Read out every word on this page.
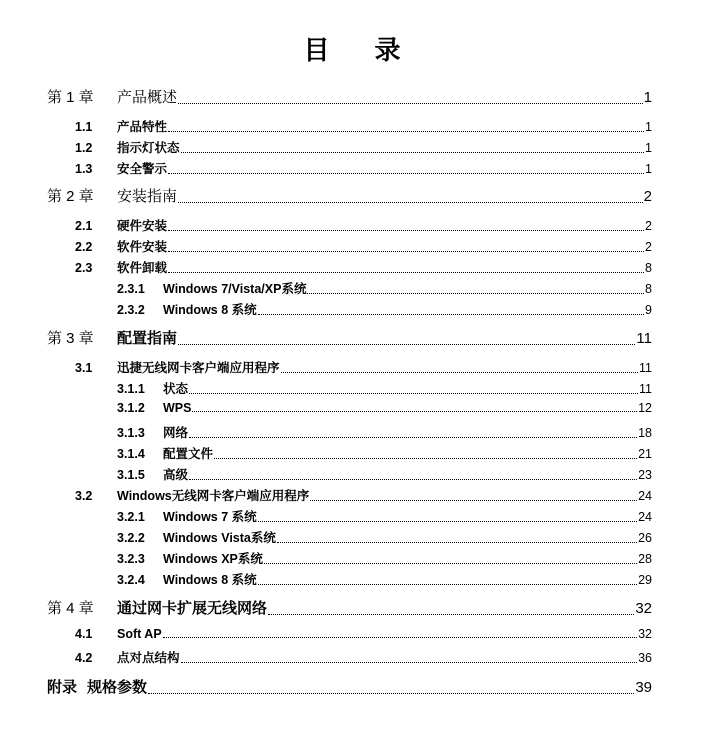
目 录
第 1 章	产品概述	1
1.1	产品特性	1
1.2	指示灯状态	1
1.3	安全警示	1
第 2 章	安装指南	2
2.1	硬件安装	2
2.2	软件安装	2
2.3	软件卸载	8
2.3.1	Windows 7/Vista/XP系统	8
2.3.2	Windows 8 系统	9
第 3 章	配置指南	11
3.1	迅捷无线网卡客户端应用程序	11
3.1.1	状态	11
3.1.2	WPS	12
3.1.3	网络	18
3.1.4	配置文件	21
3.1.5	高级	23
3.2	Windows无线网卡客户端应用程序	24
3.2.1	Windows 7 系统	24
3.2.2	Windows Vista系统	26
3.2.3	Windows XP系统	28
3.2.4	Windows 8 系统	29
第 4 章	通过网卡扩展无线网络	32
4.1	Soft AP	32
4.2	点对点结构	36
附录 规格参数	39
